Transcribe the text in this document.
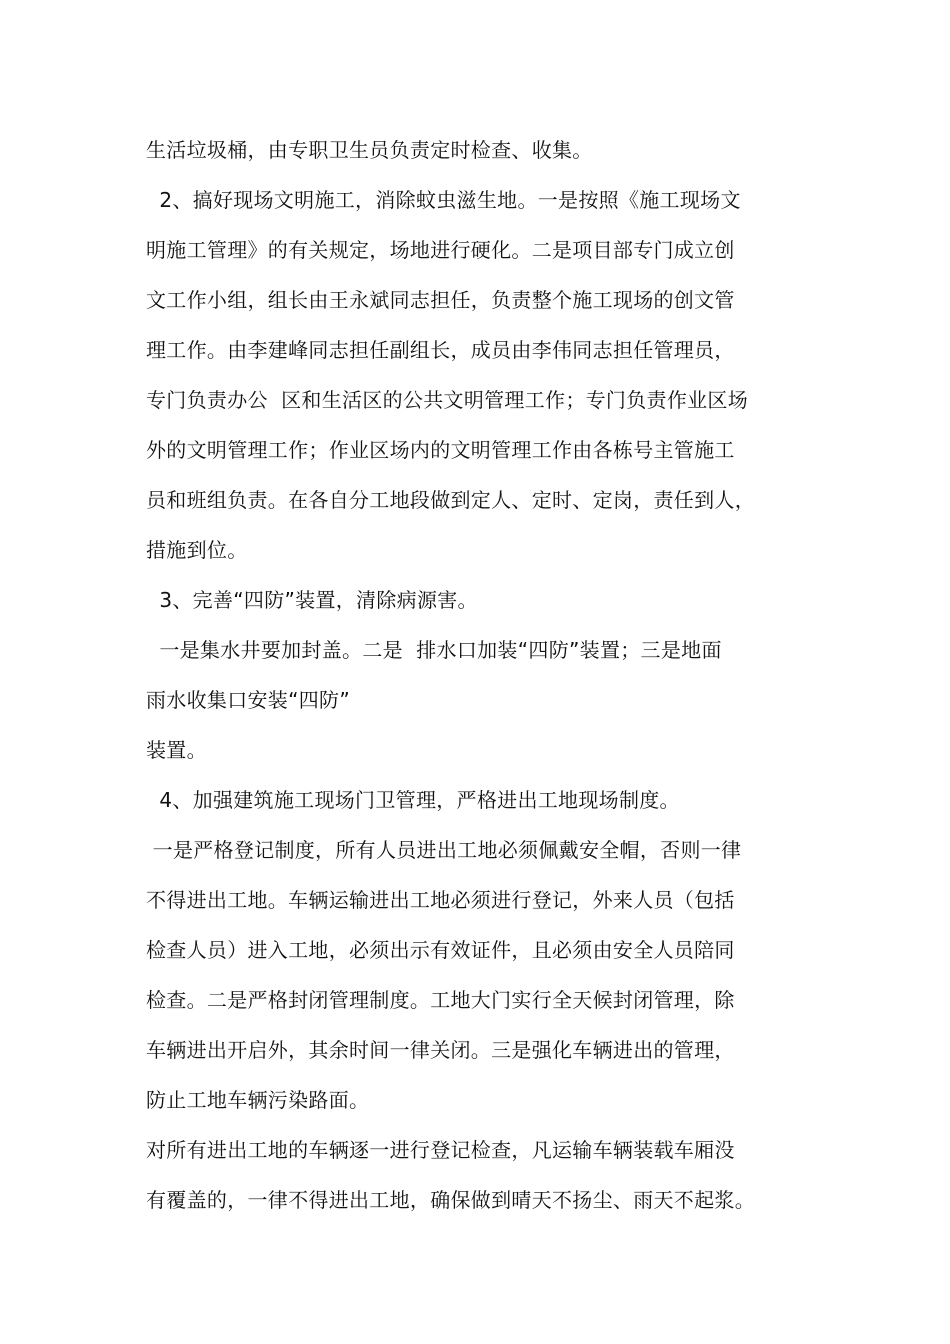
生活垃圾桶，由专职卫生员负责定时检查、收集。
2、搞好现场文明施工，消除蚊虫滋生地。一是按照《施工现场文
明施工管理》的有关规定，场地进行硬化。二是项目部专门成立创
文工作小组，组长由王永斌同志担任，负责整个施工现场的创文管
理工作。由李建峰同志担任副组长，成员由李伟同志担任管理员，
专门负责办公  区和生活区的公共文明管理工作；专门负责作业区场
外的文明管理工作；作业区场内的文明管理工作由各栋号主管施工
员和班组负责。在各自分工地段做到定人、定时、定岗，责任到人，
措施到位。
3、完善“四防”装置，清除病源害。
一是集水井要加封盖。二是  排水口加装“四防”装置；三是地面
雨水收集口安装“四防”
装置。
4、加强建筑施工现场门卫管理，严格进出工地现场制度。
一是严格登记制度，所有人员进出工地必须佩戴安全帽，否则一律
不得进出工地。车辆运输进出工地必须进行登记，外来人员（包括
检查人员）进入工地，必须出示有效证件，且必须由安全人员陪同
检查。二是严格封闭管理制度。工地大门实行全天候封闭管理，除
车辆进出开启外，其余时间一律关闭。三是强化车辆进出的管理，
防止工地车辆污染路面。
对所有进出工地的车辆逐一进行登记检查，凡运输车辆装载车厢没
有覆盖的，一律不得进出工地，确保做到晴天不扬尘、雨天不起浆。
